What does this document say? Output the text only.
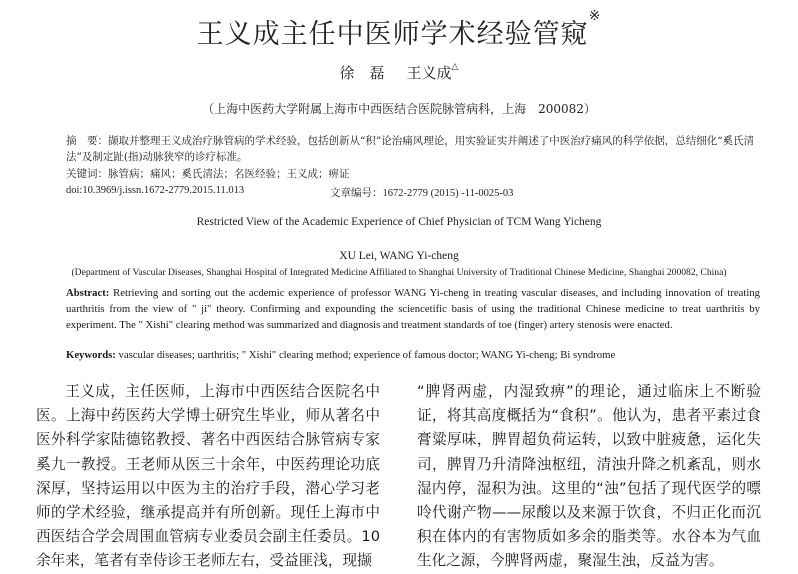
王义成主任中医师学术经验管窥※
徐　磊 王义成△
（上海中医药大学附属上海市中西医结合医院脉管病科，上海　200082）
摘　要：撷取并整理王义成治疗脉管病的学术经验，包括创新从“积”论治痛风理论，用实验证实并阐述了中医治疗痛风的科学依据，总结细化“奚氏清法”及制定趾(指)动脉狭窄的诊疗标准。
关键词：脉管病；痛风；奚氏清法；名医经验；王义成；痹证
doi:10.3969/j.issn.1672-2779.2015.11.013	文章编号：1672-2779 (2015) -11-0025-03
Restricted View of the Academic Experience of Chief Physician of TCM Wang Yicheng
XU Lei, WANG Yi-cheng
(Department of Vascular Diseases, Shanghai Hospital of Integrated Medicine Affiliated to Shanghai University of Traditional Chinese Medicine, Shanghai 200082, China)
Abstract: Retrieving and sorting out the acdemic experience of professor WANG Yi-cheng in treating vascular diseases, and including innovation of treating uarthritis from the view of " ji" theory. Confirming and expounding the sciencetific basis of using the traditional Chinese medicine to treat uarthritis by experiment. The " Xishi" clearing method was summarized and diagnosis and treatment standards of toe (finger) artery stenosis were enacted.
Keywords: vascular diseases; uarthritis; " Xishi" clearing method; experience of famous doctor; WANG Yi-cheng; Bi syndrome

王义成，主任医师，上海市中西医结合医院名中医。上海中药医药大学博士研究生毕业，师从著名中医外科学家陆德铭教授、著名中西医结合脉管病专家奚九一教授。王老师从医三十余年，中医药理论功底深厚，坚持运用以中医为主的治疗手段，潜心学习老师的学术经验，继承提高并有所创新。现任上海市中西医结合学会周围血管病专业委员会副主任委员。10余年来，笔者有幸侍诊王老师左右，受益匪浅，现撷

“脾肾两虚，内湿致痹”的理论，通过临床上不断验证，将其高度概括为“食积”。他认为，患者平素过食膏粱厚味，脾胃超负荷运转，以致中脏疲惫，运化失司，脾胃乃升清降浊枢纽，清浊升降之机紊乱，则水湿内停，湿积为浊。这里的“浊”包括了现代医学的嘌呤代谢产物——尿酸以及来源于饮食，不归正化而沉积在体内的有害物质如多余的脂类等。水谷本为气血生化之源，今脾肾两虚，聚湿生浊，反益为害。
